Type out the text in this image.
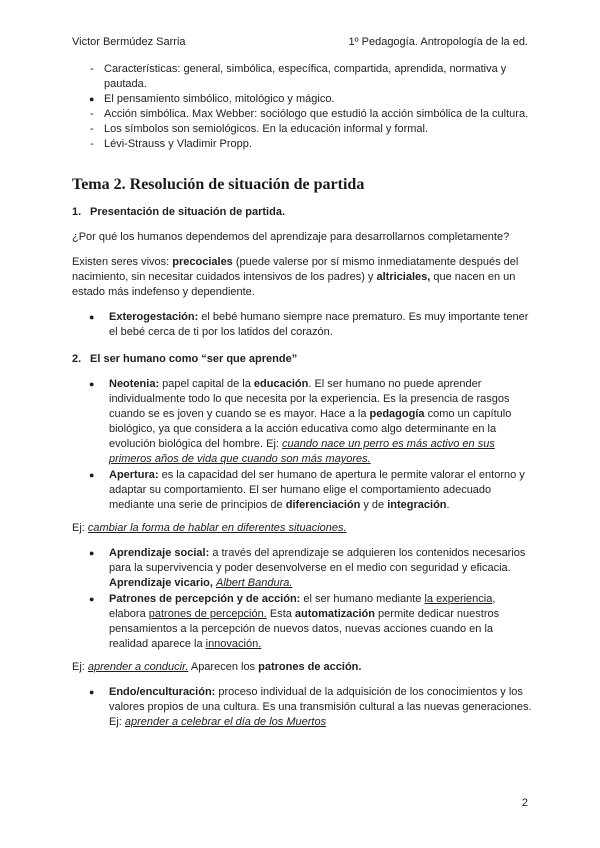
Victor Bermúdez Sarria	1º Pedagogía. Antropología de la ed.
- Características: general, simbólica, específica, compartida, aprendida, normativa y pautada.
● El pensamiento simbólico, mitológico y mágico.
- Acción simbólica. Max Webber: sociólogo que estudió la acción simbólica de la cultura.
- Los símbolos son semiológicos. En la educación informal y formal.
- Lévi-Strauss y Vladimir Propp.
Tema 2. Resolución de situación de partida
1. Presentación de situación de partida.

¿Por qué los humanos dependemos del aprendizaje para desarrollarnos completamente?

Existen seres vivos: precociales (puede valerse por sí mismo inmediatamente después del nacimiento, sin necesitar cuidados intensivos de los padres) y altriciales, que nacen en un estado más indefenso y dependiente.

●	Exterogestación: el bebé humano siempre nace prematuro. Es muy importante tener el bebé cerca de ti por los latidos del corazón.
2. El ser humano como “ser que aprende”
●	Neotenia: papel capital de la educación. El ser humano no puede aprender individualmente todo lo que necesita por la experiencia. Es la presencia de rasgos cuando se es joven y cuando se es mayor. Hace a la pedagogía como un capítulo biológico, ya que considera a la acción educativa como algo determinante en la evolución biológica del hombre. Ej: cuando nace un perro es más activo en sus primeros años de vida que cuando son más mayores.
●	Apertura: es la capacidad del ser humano de apertura le permite valorar el entorno y adaptar su comportamiento. El ser humano elige el comportamiento adecuado mediante una serie de principios de diferenciación y de integración.

Ej: cambiar la forma de hablar en diferentes situaciones.

●	Aprendizaje social: a través del aprendizaje se adquieren los contenidos necesarios para la supervivencia y poder desenvolverse en el medio con seguridad y eficacia. Aprendizaje vicario, Albert Bandura.
●	Patrones de percepción y de acción: el ser humano mediante la experiencia, elabora patrones de percepción. Esta automatización permite dedicar nuestros pensamientos a la percepción de nuevos datos, nuevas acciones cuando en la realidad aparece la innovación.

Ej: aprender a conducir. Aparecen los patrones de acción.

●	Endo/enculturación: proceso individual de la adquisición de los conocimientos y los valores propios de una cultura. Es una transmisión cultural a las nuevas generaciones. Ej: aprender a celebrar el día de los Muertos
2
